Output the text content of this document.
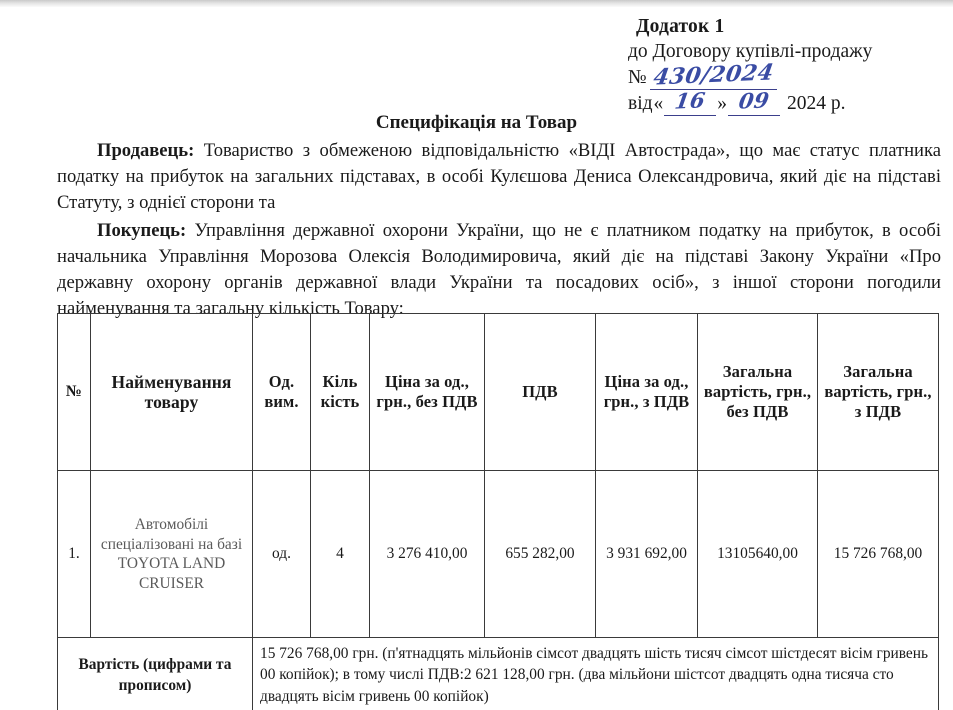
Додаток 1
до Договору купівлі-продажу
№ 430/2024
від « 16 » 09 2024 р.
Специфікація на Товар

Продавець: Товариство з обмеженою відповідальністю «ВІДІ Автострада», що має статус платника податку на прибуток на загальних підставах, в особі Кулєшова Дениса Олександровича, який діє на підставі Статуту, з однієї сторони та

Покупець: Управління державної охорони України, що не є платником податку на прибуток, в особі начальника Управління Морозова Олексія Володимировича, який діє на підставі Закону України «Про державну охорону органів державної влади України та посадових осіб», з іншої сторони погодили найменування та загальну кількість Товару:

№	Найменування товару	Од. вим.	Кіль кість	Ціна за од., грн., без ПДВ	ПДВ	Ціна за од., грн., з ПДВ	Загальна вартість, грн., без ПДВ	Загальна вартість, грн., з ПДВ
1.	Автомобілі спеціалізовані на базі TOYOTA LAND CRUISER	од.	4	3 276 410,00	655 282,00	3 931 692,00	13105640,00	15 726 768,00
Вартість (цифрами та прописом)		15 726 768,00 грн. (п'ятнадцять мільйонів сімсот двадцять шість тисяч сімсот шістдесят вісім гривень 00 копійок); в тому числі ПДВ:2 621 128,00 грн. (два мільйони шістсот двадцять одна тисяча сто двадцять вісім гривень 00 копійок)						
